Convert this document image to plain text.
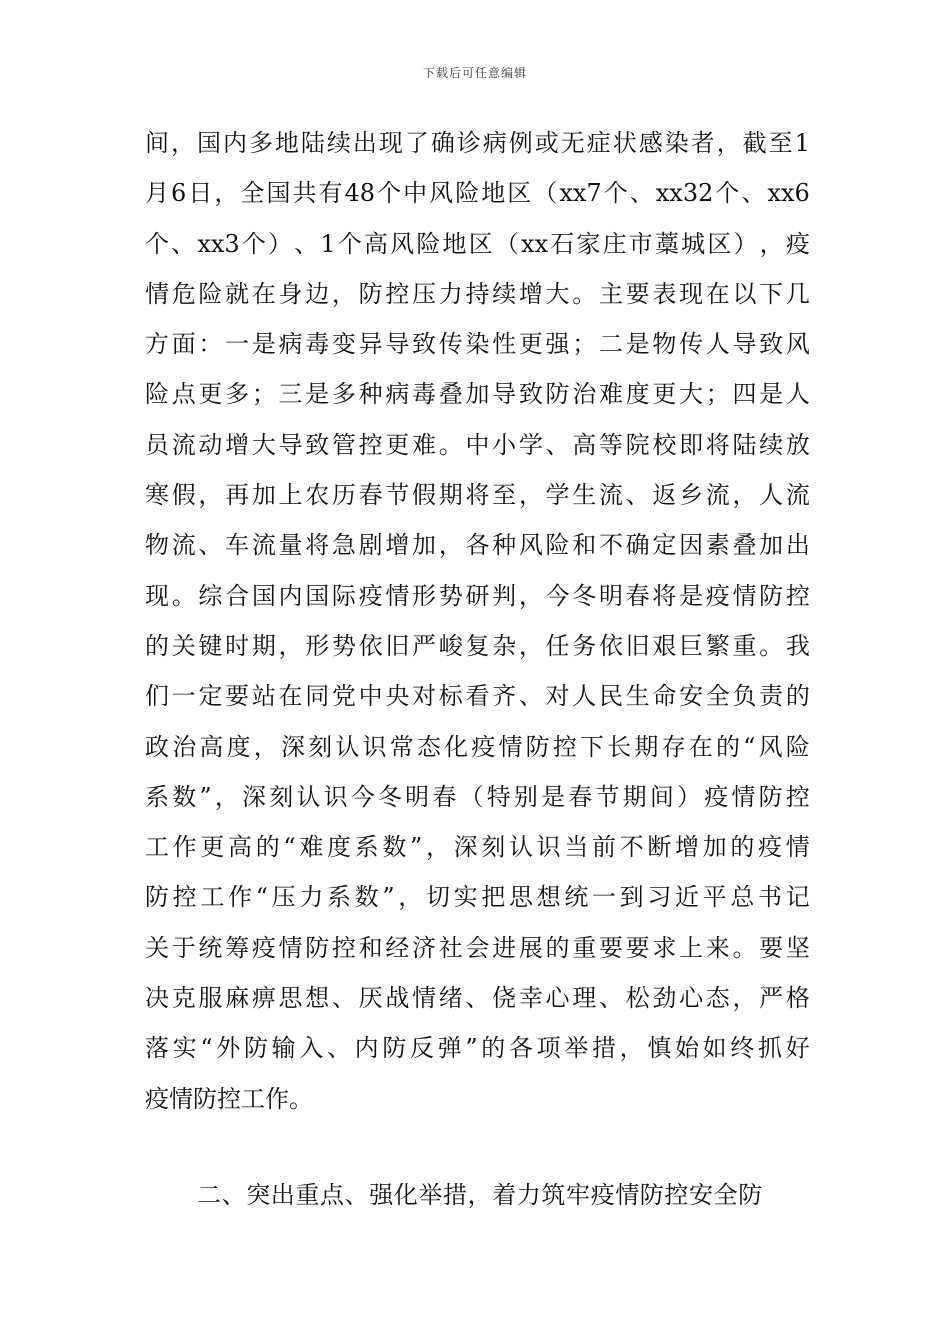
下载后可任意编辑
间 ， 国 内 多 地 陆 续 出 现 了 确 诊 病 例 或 无 症 状 感 染 者 ， 截 至 1
月 6 日 ， 全 国 共 有 48 个 中 风 险 地 区 （ xx7 个 、 xx32 个 、 xx6
个 、 xx3 个 ） 、 1 个 高 风 险 地 区 （ xx 石 家 庄 市 藁 城 区 ） ， 疫
情 危 险 就 在 身 边 ， 防 控 压 力 持 续 增 大 。 主 要 表 现 在 以 下 几
方 面 ： 一 是 病 毒 变 异 导 致 传 染 性 更 强 ； 二 是 物 传 人 导 致 风
险 点 更 多 ； 三 是 多 种 病 毒 叠 加 导 致 防 治 难 度 更 大 ； 四 是 人
员 流 动 增 大 导 致 管 控 更 难 。 中 小 学 、 高 等 院 校 即 将 陆 续 放
寒 假 ， 再 加 上 农 历 春 节 假 期 将 至 ， 学 生 流 、 返 乡 流 ， 人 流
物 流 、 车 流 量 将 急 剧 增 加 ， 各 种 风 险 和 不 确 定 因 素 叠 加 出
现 。 综 合 国 内 国 际 疫 情 形 势 研 判 ， 今 冬 明 春 将 是 疫 情 防 控
的 关 键 时 期 ， 形 势 依 旧 严 峻 复 杂 ， 任 务 依 旧 艰 巨 繁 重 。 我
们 一 定 要 站 在 同 党 中 央 对 标 看 齐 、 对 人 民 生 命 安 全 负 责 的
政 治 高 度 ， 深 刻 认 识 常 态 化 疫 情 防 控 下 长 期 存 在 的 “ 风 险
系 数 ” ， 深 刻 认 识 今 冬 明 春 （ 特 别 是 春 节 期 间 ） 疫 情 防 控
工 作 更 高 的 “ 难 度 系 数 ” ， 深 刻 认 识 当 前 不 断 增 加 的 疫 情
防 控 工 作 “ 压 力 系 数 ” ， 切 实 把 思 想 统 一 到 习 近 平 总 书 记
关 于 统 筹 疫 情 防 控 和 经 济 社 会 进 展 的 重 要 要 求 上 来 。 要 坚
决 克 服 麻 痹 思 想 、 厌 战 情 绪 、 侥 幸 心 理 、 松 劲 心 态 ， 严 格
落 实 “ 外 防 输 入 、 内 防 反 弹 ” 的 各 项 举 措 ， 慎 始 如 终 抓 好
疫情防控工作。
二、突出重点、强化举措，着力筑牢疫情防控安全防
